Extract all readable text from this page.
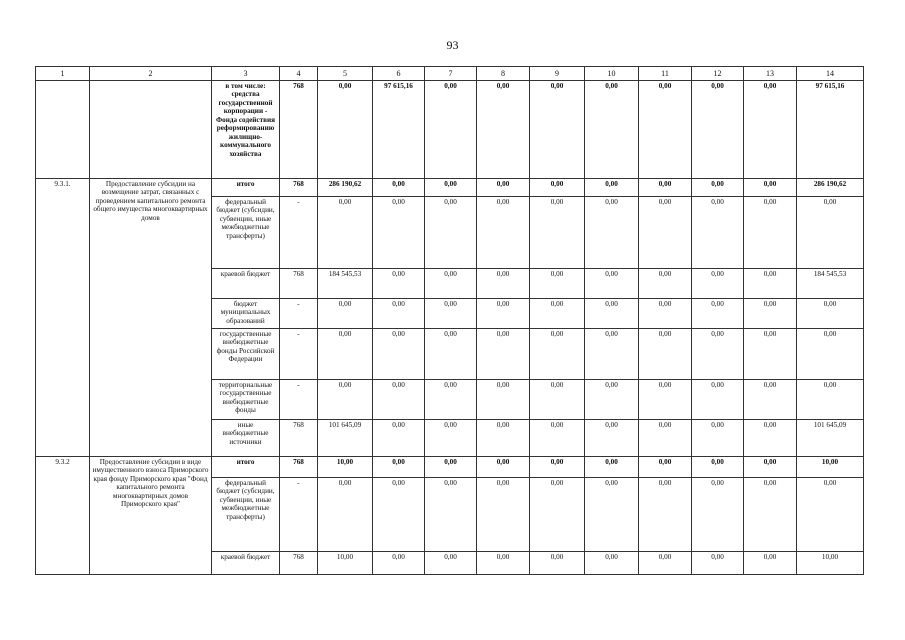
93
1	2	3	4	5	6	7	8	9	10	11	12	13	14
		в том числе: средства государственной корпорации - Фонда содействия реформированию жилищно-коммунального хозяйства	768	0,00	97 615,16	0,00	0,00	0,00	0,00	0,00	0,00	0,00	97 615,16
9.3.1.	Предоставление субсидии на возмещение затрат, связанных с проведением капитального ремонта общего имущества многоквартирных домов	итого	768	286 190,62	0,00	0,00	0,00	0,00	0,00	0,00	0,00	0,00	286 190,62
		федеральный бюджет (субсидии, субвенции, иные межбюджетные трансферты)	-	0,00	0,00	0,00	0,00	0,00	0,00	0,00	0,00	0,00	0,00
		краевой бюджет	768	184 545,53	0,00	0,00	0,00	0,00	0,00	0,00	0,00	0,00	184 545,53
		бюджет муниципальных образований	-	0,00	0,00	0,00	0,00	0,00	0,00	0,00	0,00	0,00	0,00
		государственные внебюджетные фонды Российской Федерации	-	0,00	0,00	0,00	0,00	0,00	0,00	0,00	0,00	0,00	0,00
		территориальные государственные внебюджетные фонды	-	0,00	0,00	0,00	0,00	0,00	0,00	0,00	0,00	0,00	0,00
		иные внебюджетные источники	768	101 645,09	0,00	0,00	0,00	0,00	0,00	0,00	0,00	0,00	101 645,09
9.3.2	Предоставление субсидии в виде имущественного взноса Приморского края фонду Приморского края "Фонд капитального ремонта многоквартирных домов Приморского края"	итого	768	10,00	0,00	0,00	0,00	0,00	0,00	0,00	0,00	0,00	10,00
		федеральный бюджет (субсидии, субвенции, иные межбюджетные трансферты)	-	0,00	0,00	0,00	0,00	0,00	0,00	0,00	0,00	0,00	0,00
		краевой бюджет	768	10,00	0,00	0,00	0,00	0,00	0,00	0,00	0,00	0,00	10,00
